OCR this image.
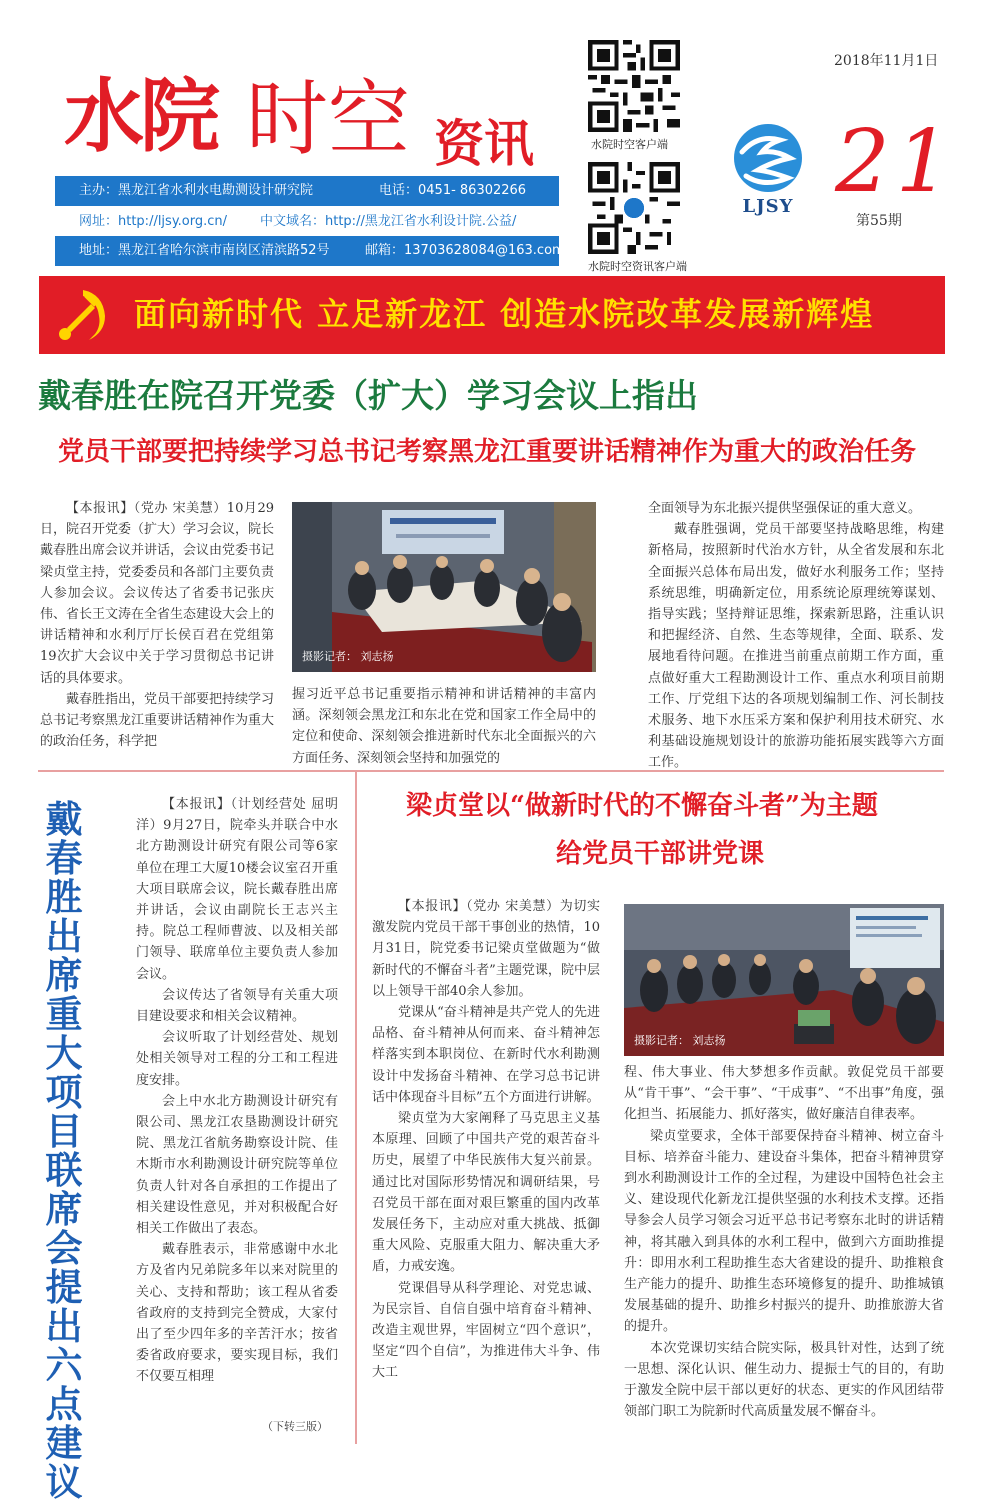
水院 时空 资讯
主办：黑龙江省水利水电勘测设计研究院	电话：0451- 86302266
网址：http://ljsy.org.cn/	中文域名：http://黑龙江省水利设计院.公益/
地址：黑龙江省哈尔滨市南岗区清滨路52号	邮箱：13703628084@163.com
水院时空客户端
水院时空资讯客户端
2018年11月1日
LJSY 21
第55期
面向新时代 立足新龙江 创造水院改革发展新辉煌
戴春胜在院召开党委（扩大）学习会议上指出
党员干部要把持续学习总书记考察黑龙江重要讲话精神作为重大的政治任务

【本报讯】（党办 宋美慧）10月29日，院召开党委（扩大）学习会议，院长戴春胜出席会议并讲话，会议由党委书记梁贞堂主持，党委委员和各部门主要负责人参加会议。会议传达了省委书记张庆伟、省长王文涛在全省生态建设大会上的讲话精神和水利厅厅长侯百君在党组第19次扩大会议中关于学习贯彻总书记讲话的具体要求。

戴春胜指出，党员干部要把持续学习总书记考察黑龙江重要讲话精神作为重大的政治任务，科学把

摄影记者： 刘志扬

握习近平总书记重要指示精神和讲话精神的丰富内涵。深刻领会黑龙江和东北在党和国家工作全局中的定位和使命、深刻领会推进新时代东北全面振兴的六方面任务、深刻领会坚持和加强党的

全面领导为东北振兴提供坚强保证的重大意义。

戴春胜强调，党员干部要坚持战略思维，构建新格局，按照新时代治水方针，从全省发展和东北全面振兴总体布局出发，做好水利服务工作；坚持系统思维，明确新定位，用系统论原理统筹谋划、指导实践；坚持辩证思维，探索新思路，注重认识和把握经济、自然、生态等规律，全面、联系、发展地看待问题。在推进当前重点前期工作方面，重点做好重大工程勘测设计工作、重点水利项目前期工作、厅党组下达的各项规划编制工作、河长制技术服务、地下水压采方案和保护利用技术研究、水利基础设施规划设计的旅游功能拓展实践等六方面工作。

戴春胜出席重大项目联席会提出六点建议

【本报讯】（计划经营处 屈明洋）9月27日，院牵头并联合中水北方勘测设计研究有限公司等6家单位在理工大厦10楼会议室召开重大项目联席会议，院长戴春胜出席并讲话，会议由副院长王志兴主持。院总工程师曹波、以及相关部门领导、联席单位主要负责人参加会议。

会议传达了省领导有关重大项目建设要求和相关会议精神。

会议听取了计划经营处、规划处相关领导对工程的分工和工程进度安排。

会上中水北方勘测设计研究有限公司、黑龙江农垦勘测设计研究院、黑龙江省航务勘察设计院、佳木斯市水利勘测设计研究院等单位负责人针对各自承担的工作提出了相关建设性意见，并对积极配合好相关工作做出了表态。

戴春胜表示，非常感谢中水北方及省内兄弟院多年以来对院里的关心、支持和帮助；该工程从省委省政府的支持到完全赞成，大家付出了至少四年多的辛苦汗水；按省委省政府要求，要实现目标，我们不仅要互相理

（下转三版）
梁贞堂以“做新时代的不懈奋斗者”为主题
给党员干部讲党课

【本报讯】（党办 宋美慧）为切实激发院内党员干部干事创业的热情，10月31日，院党委书记梁贞堂做题为“做新时代的不懈奋斗者”主题党课，院中层以上领导干部40余人参加。

党课从“奋斗精神是共产党人的先进品格、奋斗精神从何而来、奋斗精神怎样落实到本职岗位、在新时代水利勘测设计中发扬奋斗精神、在学习总书记讲话中体现奋斗目标”五个方面进行讲解。

梁贞堂为大家阐释了马克思主义基本原理、回顾了中国共产党的艰苦奋斗历史，展望了中华民族伟大复兴前景。通过比对国际形势情况和调研结果，号召党员干部在面对艰巨繁重的国内改革发展任务下，主动应对重大挑战、抵御重大风险、克服重大阻力、解决重大矛盾，力戒安逸。

党课倡导从科学理论、对党忠诚、为民宗旨、自信自强中培育奋斗精神、改造主观世界，牢固树立“四个意识”，坚定“四个自信”，为推进伟大斗争、伟大工

摄影记者： 刘志扬

程、伟大事业、伟大梦想多作贡献。敦促党员干部要从“肯干事”、“会干事”、“干成事”、“不出事”角度，强化担当、拓展能力、抓好落实，做好廉洁自律表率。

梁贞堂要求，全体干部要保持奋斗精神、树立奋斗目标、培养奋斗能力、建设奋斗集体，把奋斗精神贯穿到水利勘测设计工作的全过程，为建设中国特色社会主义、建设现代化新龙江提供坚强的水利技术支撑。还指导参会人员学习领会习近平总书记考察东北时的讲话精神，将其融入到具体的水利工程中，做到六方面助推提升：即用水利工程助推生态大省建设的提升、助推粮食生产能力的提升、助推生态环境修复的提升、助推城镇发展基础的提升、助推乡村振兴的提升、助推旅游大省的提升。

本次党课切实结合院实际，极具针对性，达到了统一思想、深化认识、催生动力、提振士气的目的，有助于激发全院中层干部以更好的状态、更实的作风团结带领部门职工为院新时代高质量发展不懈奋斗。
